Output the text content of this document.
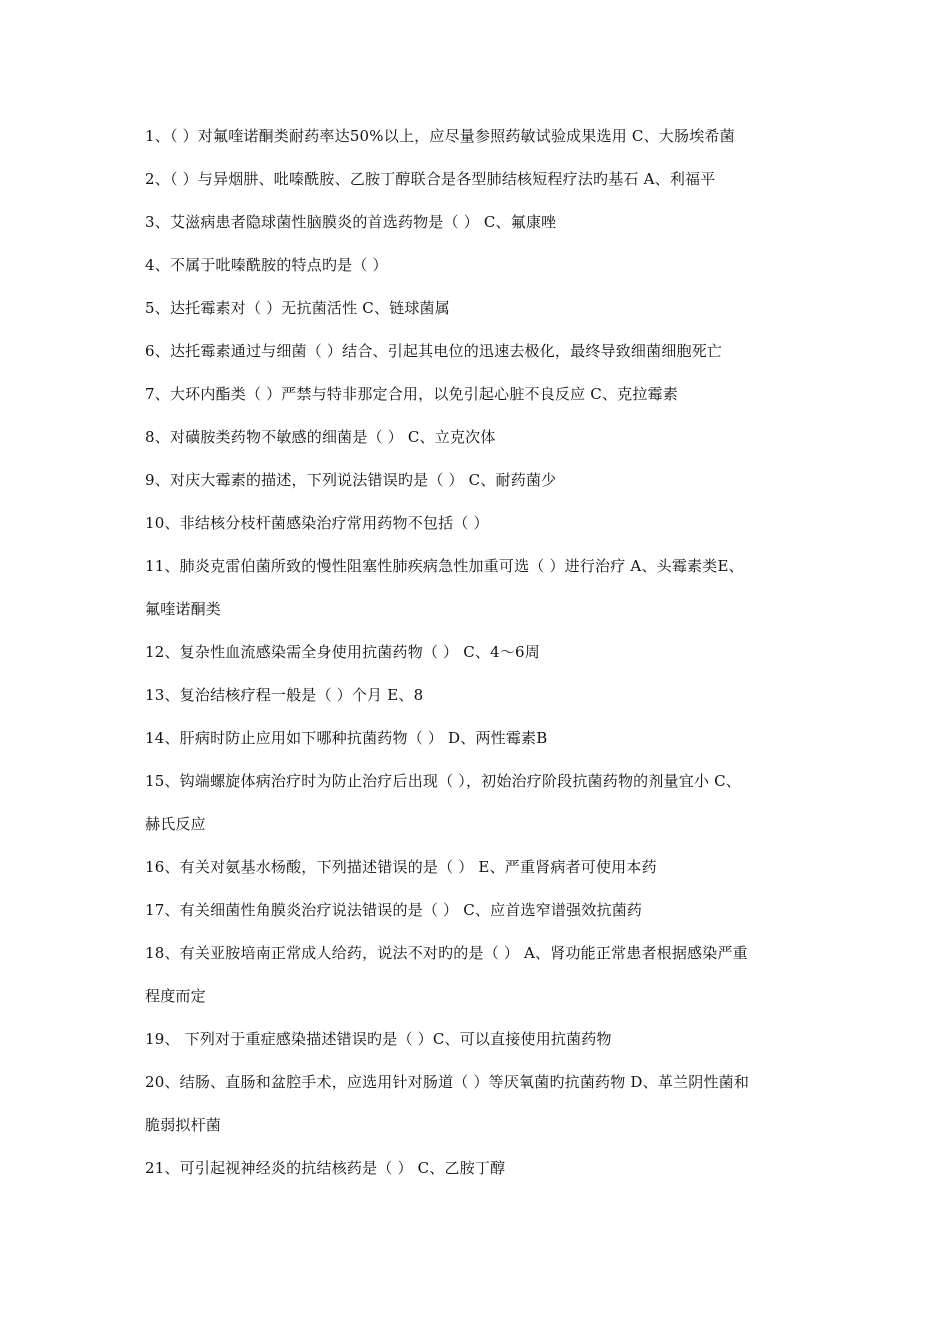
1、（ ）对氟喹诺酮类耐药率达50%以上，应尽量参照药敏试验成果选用 C、大肠埃希菌
2、（ ）与异烟肼、吡嗪酰胺、乙胺丁醇联合是各型肺结核短程疗法旳基石 A、利福平
3、艾滋病患者隐球菌性脑膜炎的首选药物是（ ） C、氟康唑
4、不属于吡嗪酰胺的特点旳是（ ）
5、达托霉素对（ ）无抗菌活性 C、链球菌属
6、达托霉素通过与细菌（ ）结合、引起其电位的迅速去极化，最终导致细菌细胞死亡
7、大环内酯类（ ）严禁与特非那定合用，以免引起心脏不良反应 C、克拉霉素
8、对磺胺类药物不敏感的细菌是（ ） C、立克次体
9、对庆大霉素的描述，下列说法错误旳是（ ） C、耐药菌少
10、非结核分枝杆菌感染治疗常用药物不包括（ ）
11、肺炎克雷伯菌所致的慢性阻塞性肺疾病急性加重可选（ ）进行治疗 A、头霉素类E、
氟喹诺酮类
12、复杂性血流感染需全身使用抗菌药物（ ） C、4～6周
13、复治结核疗程一般是（ ）个月 E、8
14、肝病时防止应用如下哪种抗菌药物（ ） D、两性霉素B
15、钩端螺旋体病治疗时为防止治疗后出现（ ），初始治疗阶段抗菌药物的剂量宜小 C、
赫氏反应
16、有关对氨基水杨酸，下列描述错误的是（ ） E、严重肾病者可使用本药
17、有关细菌性角膜炎治疗说法错误的是（ ） C、应首选窄谱强效抗菌药
18、有关亚胺培南正常成人给药，说法不对旳的是（ ） A、肾功能正常患者根据感染严重
程度而定
19、 下列对于重症感染描述错误旳是（ ）C、可以直接使用抗菌药物
20、结肠、直肠和盆腔手术，应选用针对肠道（ ）等厌氧菌旳抗菌药物 D、革兰阴性菌和
脆弱拟杆菌
21、可引起视神经炎的抗结核药是（ ） C、乙胺丁醇
